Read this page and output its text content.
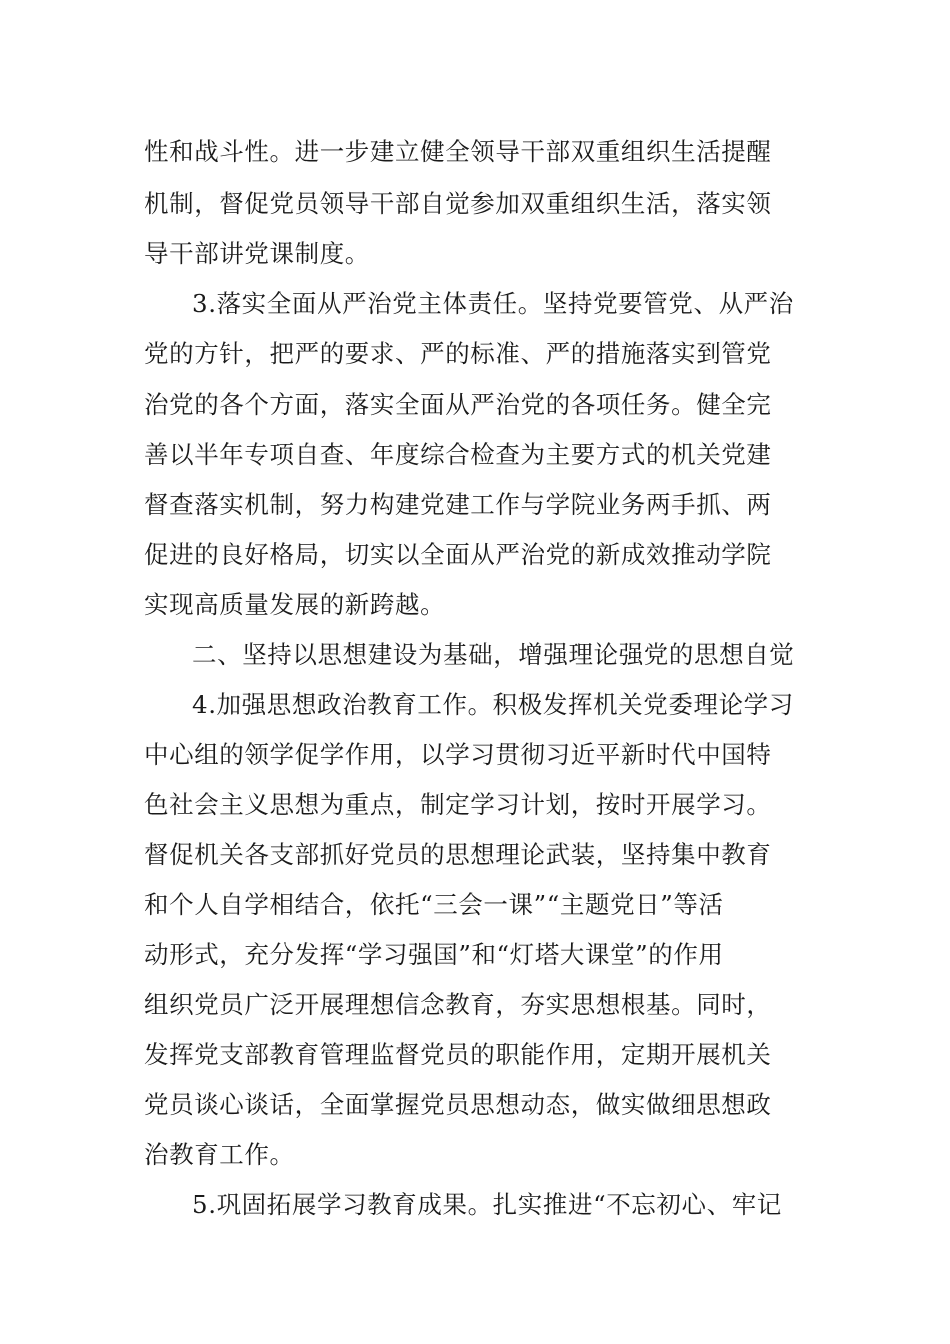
性和战斗性。进一步建立健全领导干部双重组织生活提醒
机制，督促党员领导干部自觉参加双重组织生活，落实领
导干部讲党课制度。
3.落实全面从严治党主体责任。坚持党要管党、从严治
党的方针，把严的要求、严的标准、严的措施落实到管党
治党的各个方面，落实全面从严治党的各项任务。健全完
善以半年专项自查、年度综合检查为主要方式的机关党建
督查落实机制，努力构建党建工作与学院业务两手抓、两
促进的良好格局，切实以全面从严治党的新成效推动学院
实现高质量发展的新跨越。
二、坚持以思想建设为基础，增强理论强党的思想自觉
4.加强思想政治教育工作。积极发挥机关党委理论学习
中心组的领学促学作用，以学习贯彻习近平新时代中国特
色社会主义思想为重点，制定学习计划，按时开展学习。
督促机关各支部抓好党员的思想理论武装，坚持集中教育
和个人自学相结合，依托“三会一课”“主题党日”等活
动形式，充分发挥“学习强国”和“灯塔大课堂”的作用
组织党员广泛开展理想信念教育，夯实思想根基。同时，
发挥党支部教育管理监督党员的职能作用，定期开展机关
党员谈心谈话，全面掌握党员思想动态，做实做细思想政
治教育工作。
5.巩固拓展学习教育成果。扎实推进“不忘初心、牢记
